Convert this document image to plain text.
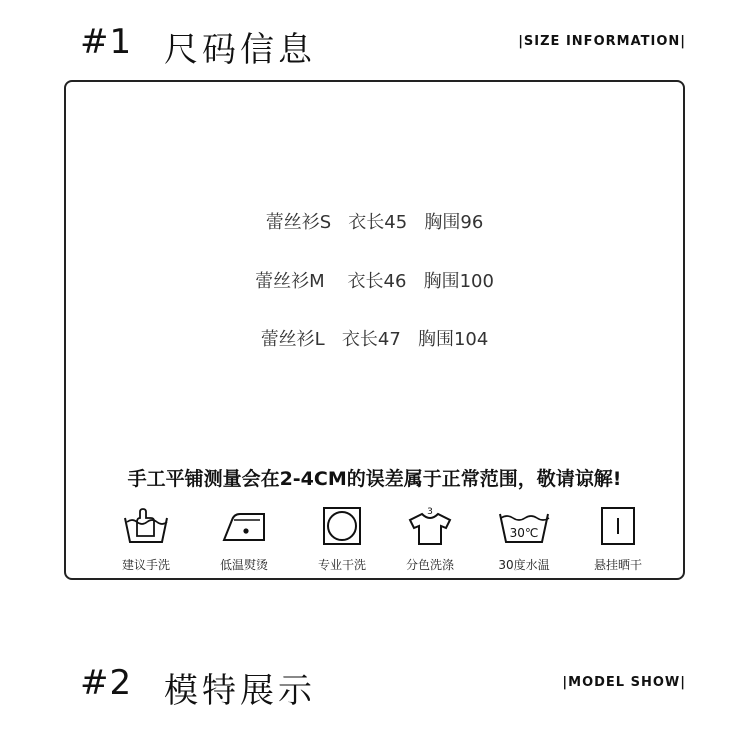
#1 尺码信息	|SIZE INFORMATION|
蕾丝衫S   衣长45   胸围96
蕾丝衫M    衣长46   胸围100
蕾丝衫L   衣长47   胸围104
手工平铺测量会在2-4CM的误差属于正常范围，敬请谅解!
建议手洗	低温熨烫	专业干洗
3
分色洗涤
30℃
30度水温	悬挂晒干
#2 模特展示	|MODEL SHOW|
